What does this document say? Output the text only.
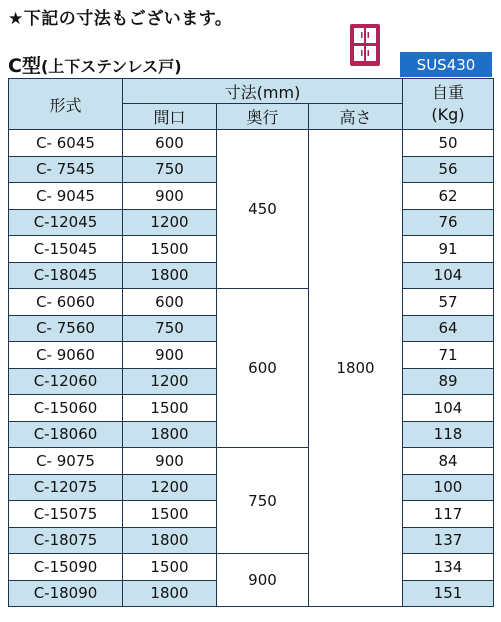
★下記の寸法もございます。
C型(上下ステンレス戸)	SUS430
形式	寸法(mm)			自重
(Kg)

	間口	奥行	高さ	
C- 6045	600	450	1800	50
C- 7545	750			56
C- 9045	900			62
C-12045	1200			76
C-15045	1500			91
C-18045	1800			104
C- 6060	600	600		57
C- 7560	750			64
C- 9060	900			71
C-12060	1200			89
C-15060	1500			104
C-18060	1800			118
C- 9075	900	750		84
C-12075	1200			100
C-15075	1500			117
C-18075	1800			137
C-15090	1500	900		134
C-18090	1800			151
